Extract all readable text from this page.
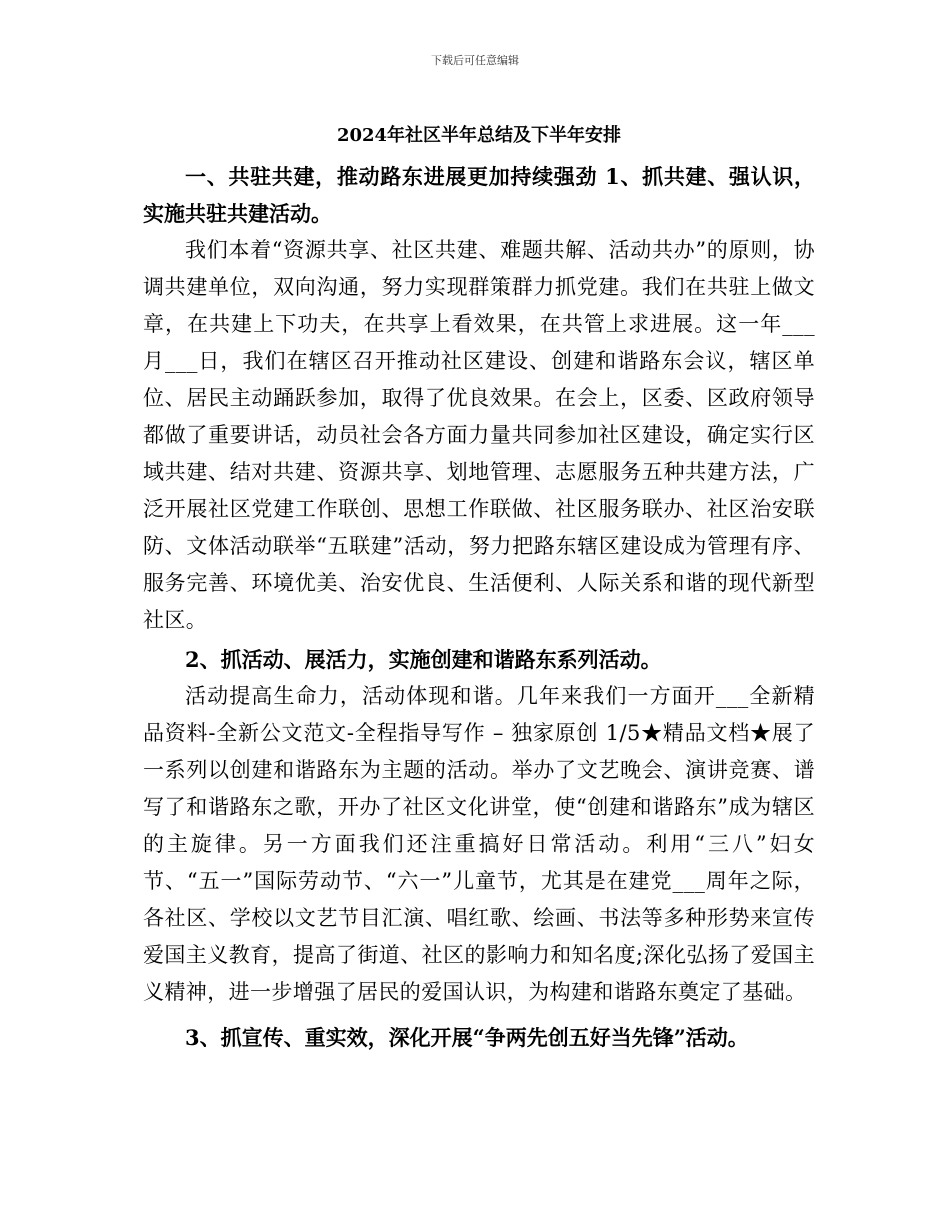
下载后可任意编辑
2024年社区半年总结及下半年安排

一、共驻共建，推动路东进展更加持续强劲 1、抓共建、强认识，实施共驻共建活动。

我们本着“资源共享、社区共建、难题共解、活动共办”的原则，协调共建单位，双向沟通，努力实现群策群力抓党建。我们在共驻上做文章，在共建上下功夫，在共享上看效果，在共管上求进展。这一年___月___日，我们在辖区召开推动社区建设、创建和谐路东会议，辖区单位、居民主动踊跃参加，取得了优良效果。在会上，区委、区政府领导都做了重要讲话，动员社会各方面力量共同参加社区建设，确定实行区域共建、结对共建、资源共享、划地管理、志愿服务五种共建方法，广泛开展社区党建工作联创、思想工作联做、社区服务联办、社区治安联防、文体活动联举“五联建”活动，努力把路东辖区建设成为管理有序、服务完善、环境优美、治安优良、生活便利、人际关系和谐的现代新型社区。

2、抓活动、展活力，实施创建和谐路东系列活动。

活动提高生命力，活动体现和谐。几年来我们一方面开___全新精品资料-全新公文范文-全程指导写作 – 独家原创 1/5★精品文档★展了一系列以创建和谐路东为主题的活动。举办了文艺晚会、演讲竞赛、谱写了和谐路东之歌，开办了社区文化讲堂，使“创建和谐路东”成为辖区的主旋律。另一方面我们还注重搞好日常活动。利用“三八”妇女节、“五一”国际劳动节、“六一”儿童节，尤其是在建党___周年之际，各社区、学校以文艺节目汇演、唱红歌、绘画、书法等多种形势来宣传爱国主义教育，提高了街道、社区的影响力和知名度;深化弘扬了爱国主义精神，进一步增强了居民的爱国认识，为构建和谐路东奠定了基础。

3、抓宣传、重实效，深化开展“争两先创五好当先锋”活动。
